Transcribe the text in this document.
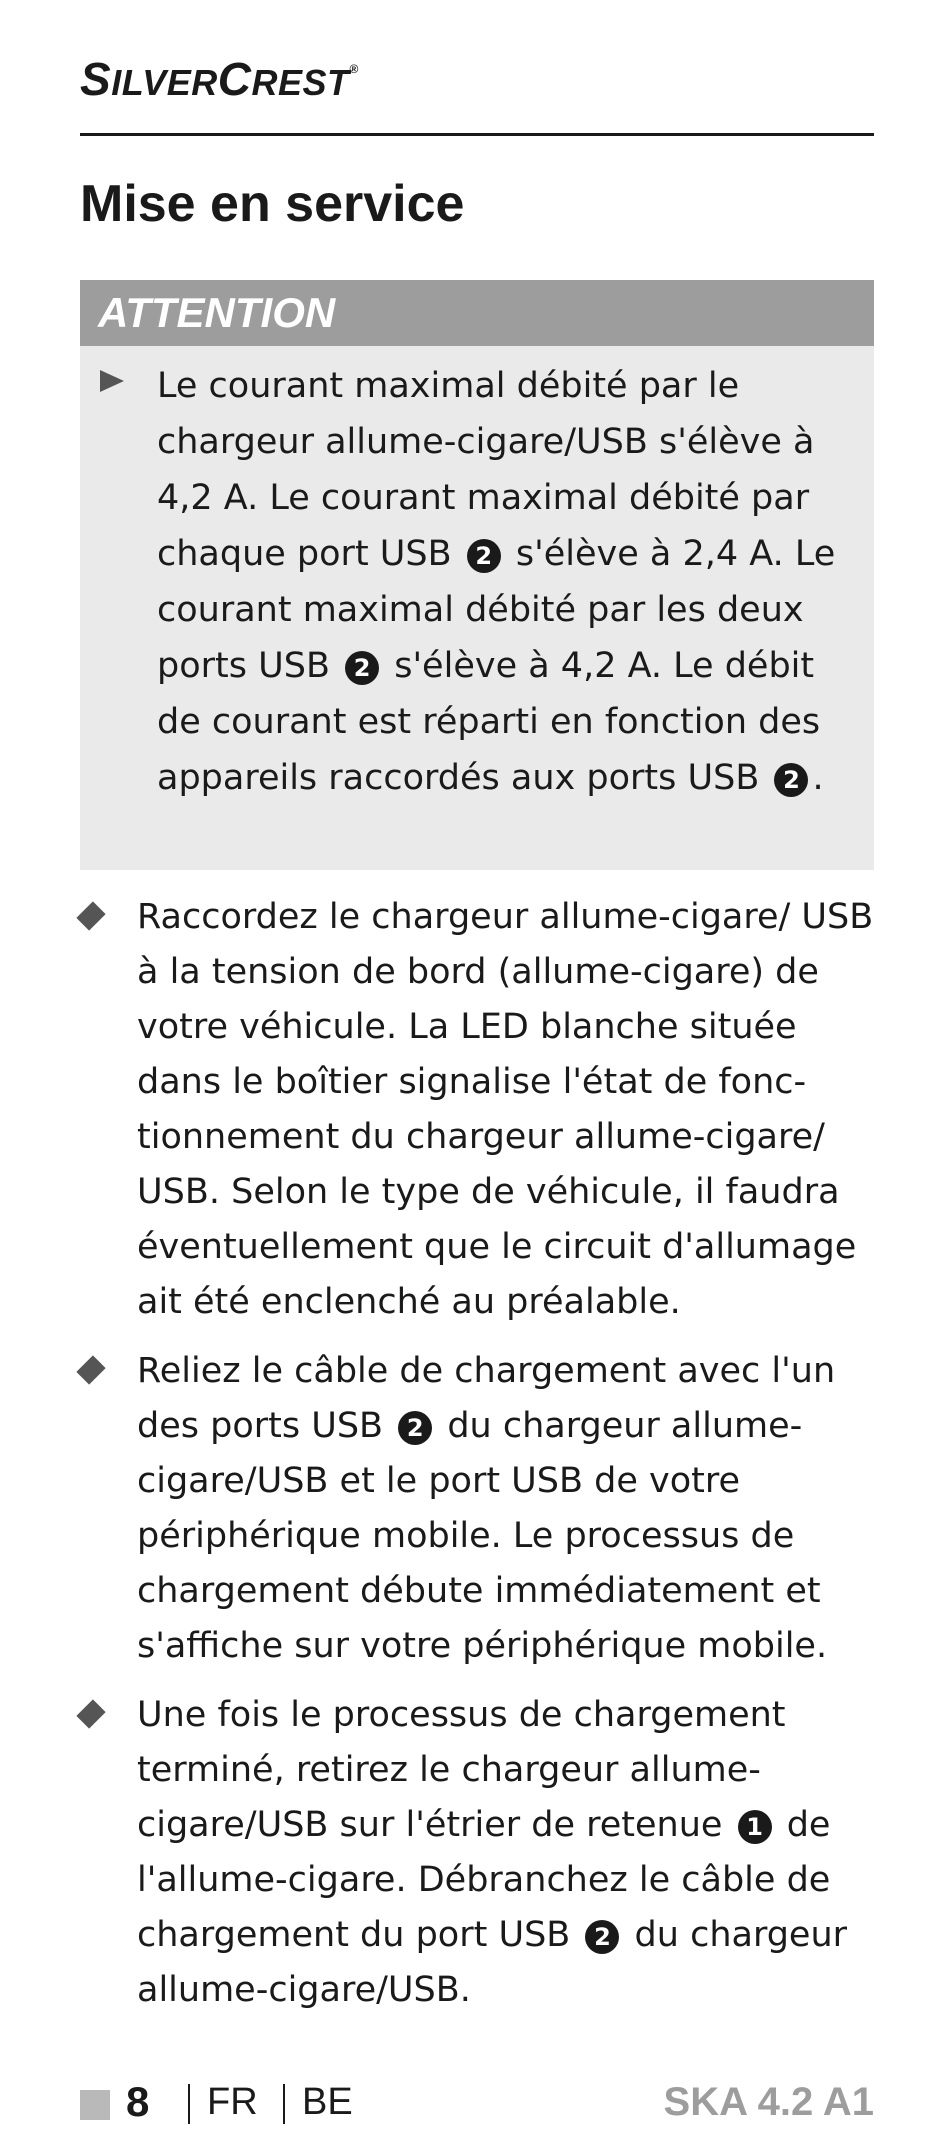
SILVERCREST®
Mise en service
ATTENTION
Le courant maximal débité par le chargeur allume-cigare/USB s'élève à 4,2 A. Le courant maximal débité par chaque port USB 2 s'élève à 2,4 A. Le courant maximal débité par les deux ports USB 2 s'élève à 4,2 A. Le débit de courant est réparti en fonction des appareils raccordés aux ports USB 2 .
Raccordez le chargeur allume-cigare/ USB à la tension de bord (allume-cigare) de votre véhicule. La LED blanche située dans le boîtier signalise l'état de fonc- tionnement du chargeur allume-cigare/ USB. Selon le type de véhicule, il faudra éventuellement que le circuit d'allumage ait été enclenché au préalable.
Reliez le câble de chargement avec l'un des ports USB 2 du chargeur allume- cigare/USB et le port USB de votre périphérique mobile. Le processus de chargement débute immédiatement et s'affiche sur votre périphérique mobile.
Une fois le processus de chargement terminé, retirez le chargeur allume- cigare/USB sur l'étrier de retenue 1 de l'allume-cigare. Débranchez le câble de chargement du port USB 2 du chargeur allume-cigare/USB.
8 FR BE	SKA 4.2 A1
